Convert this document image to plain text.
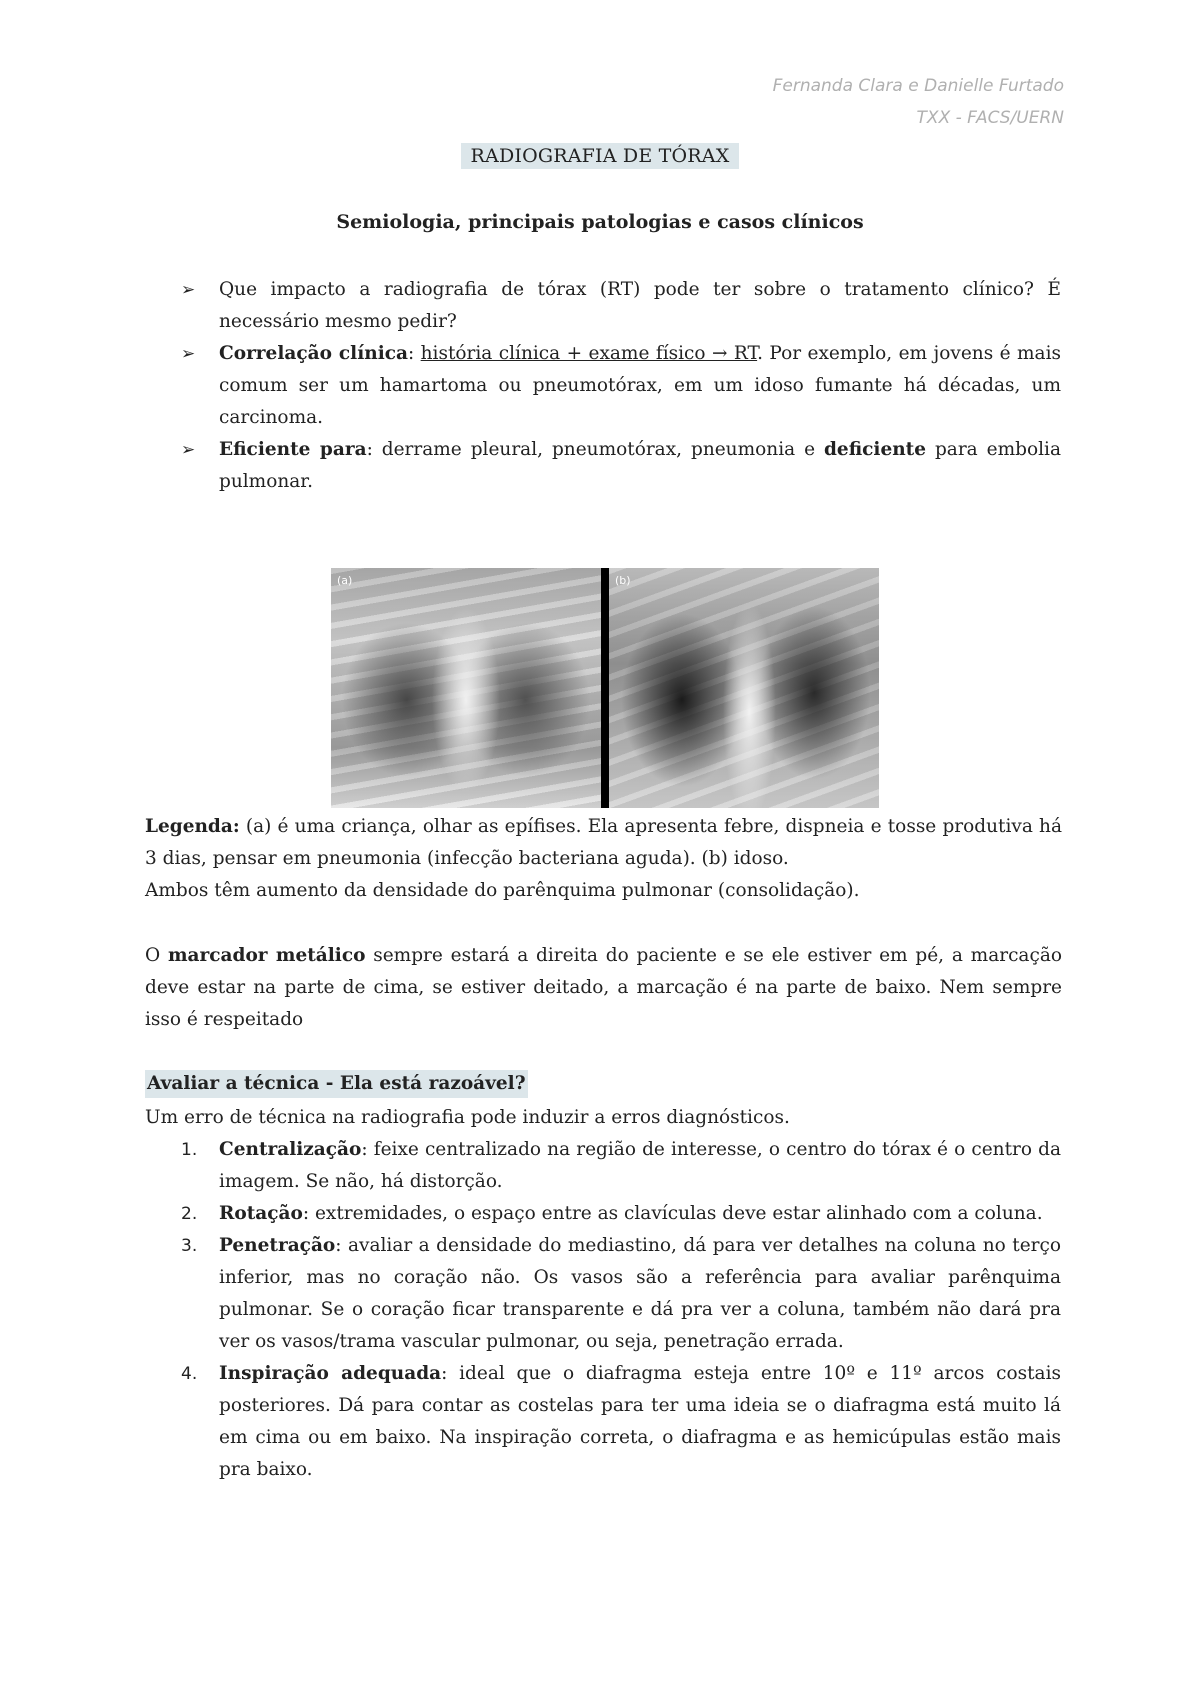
Fernanda Clara e Danielle Furtado
TXX - FACS/UERN
RADIOGRAFIA DE TÓRAX
Semiologia, principais patologias e casos clínicos
➢ Que impacto a radiografia de tórax (RT) pode ter sobre o tratamento clínico? É necessário mesmo pedir?
➢ Correlação clínica: história clínica + exame físico → RT. Por exemplo, em jovens é mais comum ser um hamartoma ou pneumotórax, em um idoso fumante há décadas, um carcinoma.
➢ Eficiente para: derrame pleural, pneumotórax, pneumonia e deficiente para embolia pulmonar.
(a)	(b)

Legenda: (a) é uma criança, olhar as epífises. Ela apresenta febre, dispneia e tosse produtiva há 3 dias, pensar em pneumonia (infecção bacteriana aguda). (b) idoso.

Ambos têm aumento da densidade do parênquima pulmonar (consolidação).

O marcador metálico sempre estará a direita do paciente e se ele estiver em pé, a marcação deve estar na parte de cima, se estiver deitado, a marcação é na parte de baixo. Nem sempre isso é respeitado

Avaliar a técnica - Ela está razoável?
Um erro de técnica na radiografia pode induzir a erros diagnósticos.
1. Centralização: feixe centralizado na região de interesse, o centro do tórax é o centro da imagem. Se não, há distorção.
2. Rotação: extremidades, o espaço entre as clavículas deve estar alinhado com a coluna.
3. Penetração: avaliar a densidade do mediastino, dá para ver detalhes na coluna no terço inferior, mas no coração não. Os vasos são a referência para avaliar parênquima pulmonar. Se o coração ficar transparente e dá pra ver a coluna, também não dará pra ver os vasos/trama vascular pulmonar, ou seja, penetração errada.
4. Inspiração adequada: ideal que o diafragma esteja entre 10º e 11º arcos costais posteriores. Dá para contar as costelas para ter uma ideia se o diafragma está muito lá em cima ou em baixo. Na inspiração correta, o diafragma e as hemicúpulas estão mais pra baixo.
